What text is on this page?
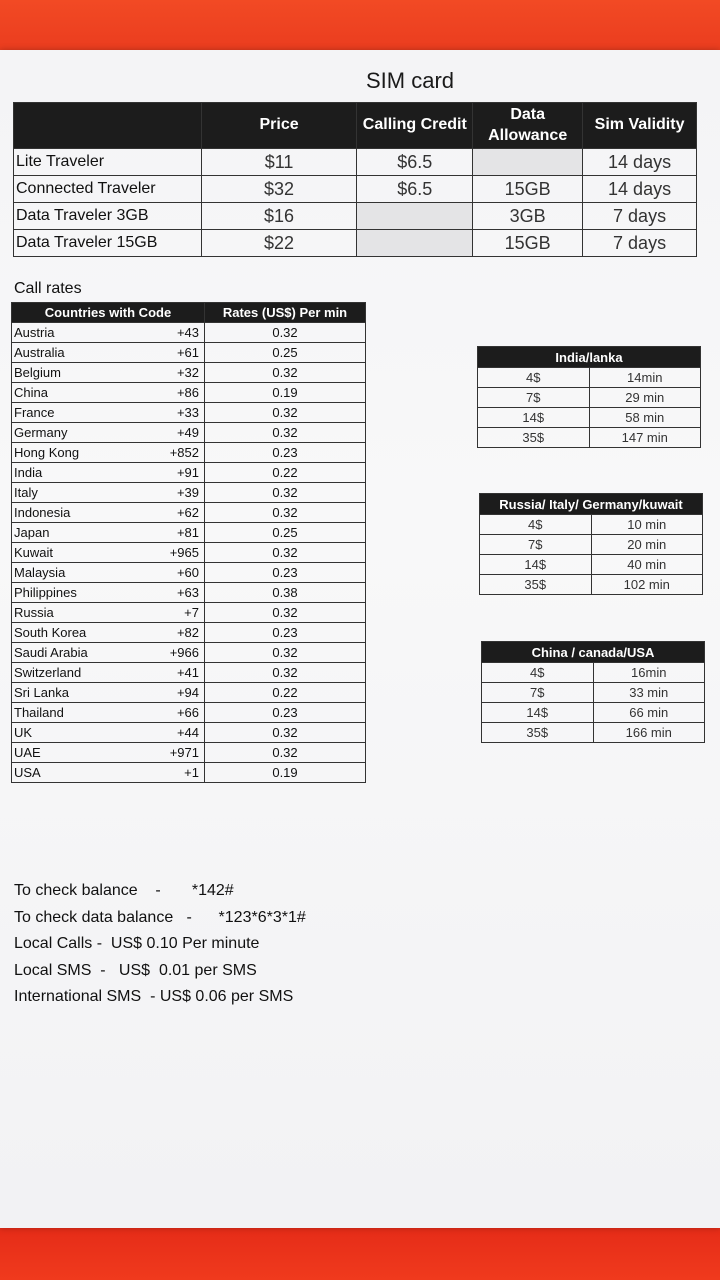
SIM card
	Price	Calling Credit	Data Allowance	Sim Validity
Lite Traveler	$11	$6.5		14 days
Connected Traveler	$32	$6.5	15GB	14 days
Data Traveler 3GB	$16		3GB	7 days
Data Traveler 15GB	$22		15GB	7 days
Call rates
Countries with Code		Rates (US$) Per min
Austria	+43	0.32
Australia	+61	0.25
Belgium	+32	0.32
China	+86	0.19
France	+33	0.32
Germany	+49	0.32
Hong Kong	+852	0.23
India	+91	0.22
Italy	+39	0.32
Indonesia	+62	0.32
Japan	+81	0.25
Kuwait	+965	0.32
Malaysia	+60	0.23
Philippines	+63	0.38
Russia	+7	0.32
South Korea	+82	0.23
Saudi Arabia	+966	0.32
Switzerland	+41	0.32
Sri Lanka	+94	0.22
Thailand	+66	0.23
UK	+44	0.32
UAE	+971	0.32
USA	+1	0.19
India/lanka	
4$	14min
7$	29 min
14$	58 min
35$	147 min
Russia/ Italy/ Germany/kuwait	
4$	10 min
7$	20 min
14$	40 min
35$	102 min
China / canada/USA	
4$	16min
7$	33 min
14$	66 min
35$	166 min
To check balance    -       *142#
To check data balance   -      *123*6*3*1#
Local Calls -  US$ 0.10 Per minute
Local SMS  -   US$  0.01 per SMS
International SMS  - US$ 0.06 per SMS
